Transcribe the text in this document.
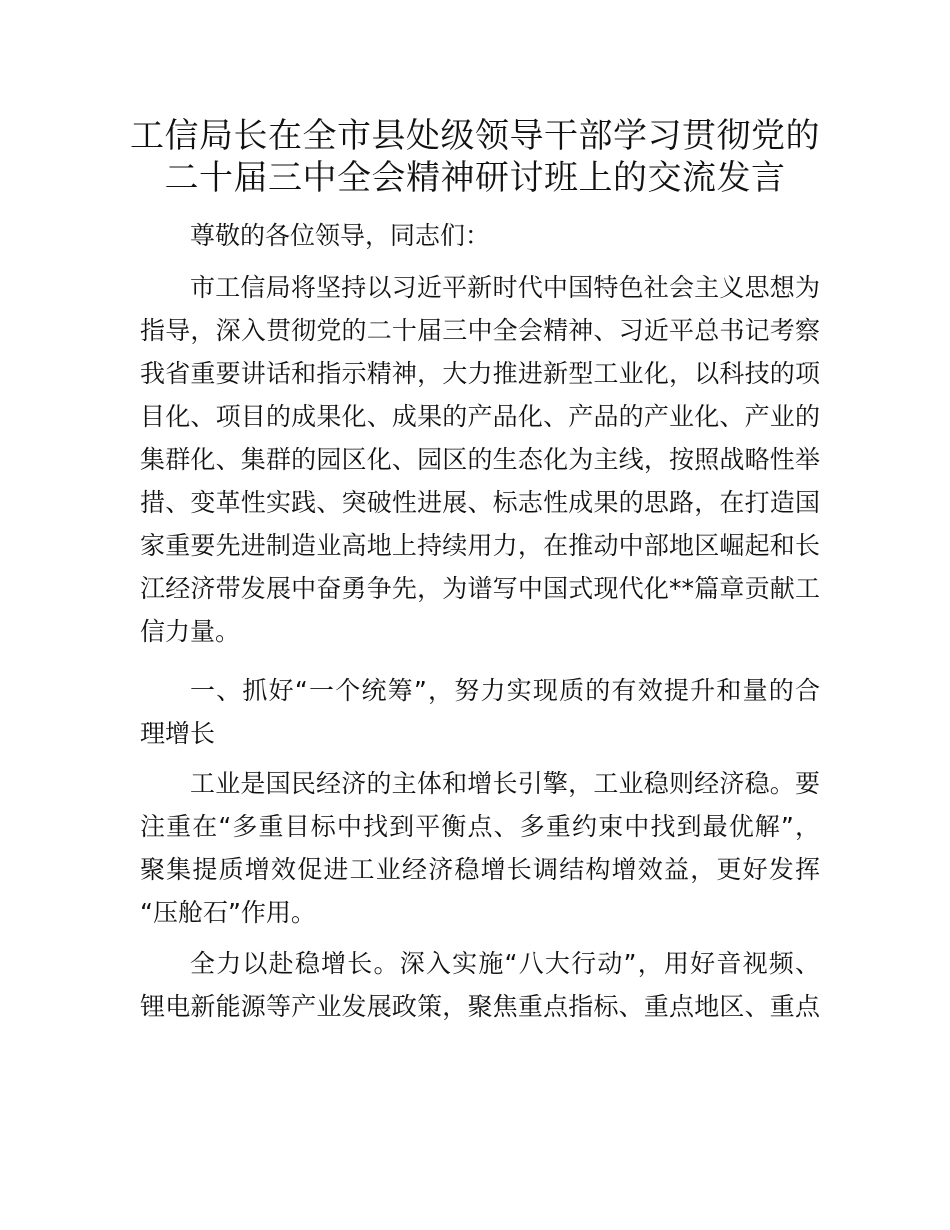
工信局长在全市县处级领导干部学习贯彻党的
二十届三中全会精神研讨班上的交流发言
尊敬的各位领导，同志们：
市工信局将坚持以习近平新时代中国特色社会主义思想为
指导，深入贯彻党的二十届三中全会精神、习近平总书记考察
我省重要讲话和指示精神，大力推进新型工业化，以科技的项
目化、项目的成果化、成果的产品化、产品的产业化、产业的
集群化、集群的园区化、园区的生态化为主线，按照战略性举
措、变革性实践、突破性进展、标志性成果的思路，在打造国
家重要先进制造业高地上持续用力，在推动中部地区崛起和长
江经济带发展中奋勇争先，为谱写中国式现代化**篇章贡献工
信力量。
一、抓好“一个统筹”，努力实现质的有效提升和量的合
理增长
工业是国民经济的主体和增长引擎，工业稳则经济稳。要
注重在“多重目标中找到平衡点、多重约束中找到最优解”，
聚集提质增效促进工业经济稳增长调结构增效益，更好发挥
“压舱石”作用。
全力以赴稳增长。深入实施“八大行动”，用好音视频、
锂电新能源等产业发展政策，聚焦重点指标、重点地区、重点
